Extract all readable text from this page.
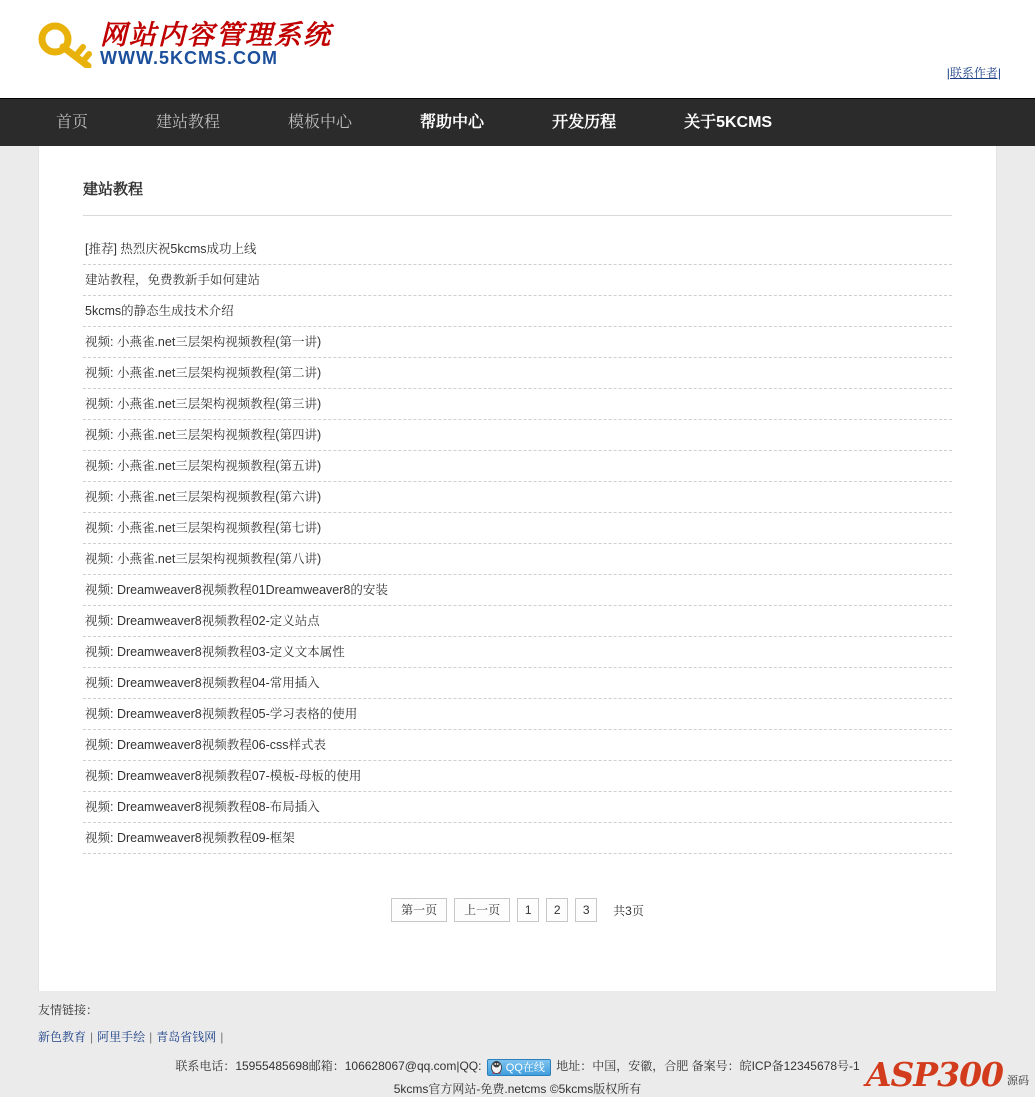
网站内容管理系统
WWW.5KCMS.COM
|联系作者|
首页	建站教程	模板中心	帮助中心	开发历程	关于5KCMS
建站教程
[推荐] 热烈庆祝5kcms成功上线
建站教程，免费教新手如何建站
5kcms的静态生成技术介绍
视频: 小燕雀.net三层架构视频教程(第一讲)
视频: 小燕雀.net三层架构视频教程(第二讲)
视频: 小燕雀.net三层架构视频教程(第三讲)
视频: 小燕雀.net三层架构视频教程(第四讲)
视频: 小燕雀.net三层架构视频教程(第五讲)
视频: 小燕雀.net三层架构视频教程(第六讲)
视频: 小燕雀.net三层架构视频教程(第七讲)
视频: 小燕雀.net三层架构视频教程(第八讲)
视频: Dreamweaver8视频教程01Dreamweaver8的安装
视频: Dreamweaver8视频教程02-定义站点
视频: Dreamweaver8视频教程03-定义文本属性
视频: Dreamweaver8视频教程04-常用插入
视频: Dreamweaver8视频教程05-学习表格的使用
视频: Dreamweaver8视频教程06-css样式表
视频: Dreamweaver8视频教程07-模板-母板的使用
视频: Dreamweaver8视频教程08-布局插入
视频: Dreamweaver8视频教程09-框架
第一页	上一页	1	2	3	共3页
友情链接：
新色教育 | 阿里手绘 | 青岛省钱网 |
联系电话：15955485698邮箱：106628067@qq.com|QQ: QQ在线 地址：中国，安徽，合肥 备案号：皖ICP备12345678号-1
5kcms官方网站-免费.netcms ©5kcms版权所有	ASP300 源码
